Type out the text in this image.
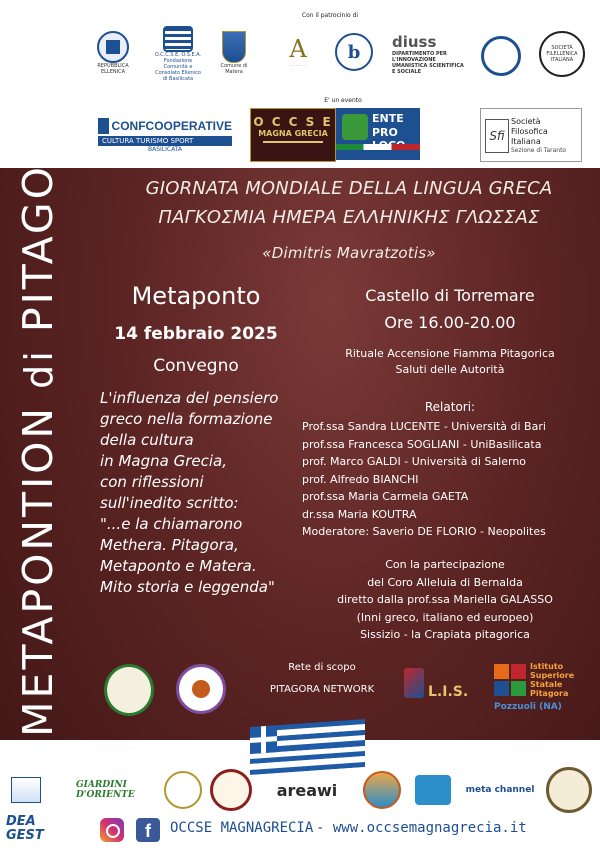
Con il patrocinio di
REPUBBLICA ELLENICA
O.C.C.S.E. O.S.E.A. Fondazione Comunità e Consolato Ellenico di Basilicata
Comune di Matera
A
· · · · · ·
b diuss
DIPARTIMENTO PER L'INNOVAZIONE UMANISTICA SCIENTIFICA E SOCIALE
SOCIETÀ FILELLENICA ITALIANA
E' un evento
CONFCOOPERATIVE
CULTURA TURISMO SPORT
BASILICATA
O C C S E
MAGNA GRECIA
ENTE
PRO	Sfi
Società Filosofica Italiana
Sezione di Taranto
METAPONTION di PITAGORA	GIORNATA MONDIALE DELLA LINGUA GRECA
ΠΑΓΚΟΣΜΙΑ ΗΜΕΡΑ ΕΛΛΗΝΙΚΗΣ ΓΛΩΣΣΑΣ
«Dimitris Mavratzotis»
Metaponto
14 febbraio 2025
Convegno
L'influenza del pensiero
greco nella formazione
della cultura
in Magna Grecia,
con riflessioni
sull'inedito scritto:
"...e la chiamarono
Methera. Pitagora,
Metaponto e Matera.
Mito storia e leggenda"
Castello di Torremare
Ore 16.00-20.00
Rituale Accensione Fiamma Pitagorica
Saluti delle Autorità
Relatori:
Prof.ssa Sandra LUCENTE - Università di Bari
prof.ssa Francesca SOGLIANI - UniBasilicata
prof. Marco GALDI - Università di Salerno
prof. Alfredo BIANCHI
prof.ssa Maria Carmela GAETA
dr.ssa Maria KOUTRA
Moderatore: Saverio DE FLORIO - Neopolites
Con la partecipazione
del Coro Alleluia di Bernalda
diretto dalla prof.ssa Mariella GALASSO
(Inni greco, italiano ed europeo)
Sissizio - la Crapiata pitagorica
Rete di scopo
PITAGORA NETWORK	L.I.S.
Istituto
Superiore
Statale
Pitagora
Pozzuoli (NA)
GIARDINI D'ORIENTE	areawi	meta channel
DEA GEST	f	OCCSE MAGNAGRECIA - www.occsemagnagrecia.it
